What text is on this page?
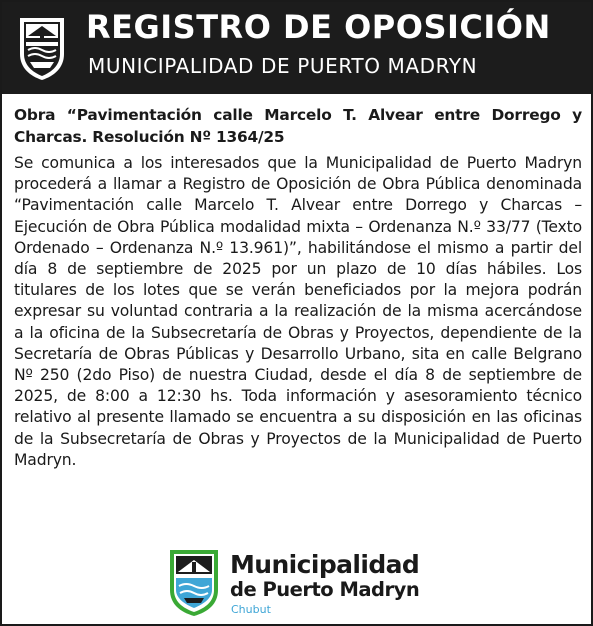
REGISTRO DE OPOSICIÓN
MUNICIPALIDAD DE PUERTO MADRYN
Obra “Pavimentación calle Marcelo T. Alvear entre Dorrego y Charcas. Resolución Nº 1364/25
Se comunica a los interesados que la Municipalidad de Puerto Madryn procederá a llamar a Registro de Oposición de Obra Pública denominada “Pavimentación calle Marcelo T. Alvear entre Dorrego y Charcas – Ejecución de Obra Pública modalidad mixta – Ordenanza N.º 33/77 (Texto Ordenado – Ordenanza N.º 13.961)”, habilitándose el mismo a partir del día 8 de septiembre de 2025 por un plazo de 10 días hábiles. Los titulares de los lotes que se verán beneficiados por la mejora podrán expresar su voluntad contraria a la realización de la misma acercándose a la oficina de la Subsecretaría de Obras y Proyectos, dependiente de la Secretaría de Obras Públicas y Desarrollo Urbano, sita en calle Belgrano Nº 250 (2do Piso) de nuestra Ciudad, desde el día 8 de septiembre de 2025, de 8:00 a 12:30 hs. Toda información y asesoramiento técnico relativo al presente llamado se encuentra a su disposición en las oficinas de la Subsecretaría de Obras y Proyectos de la Municipalidad de Puerto Madryn.
Municipalidad
de Puerto Madryn
Chubut
